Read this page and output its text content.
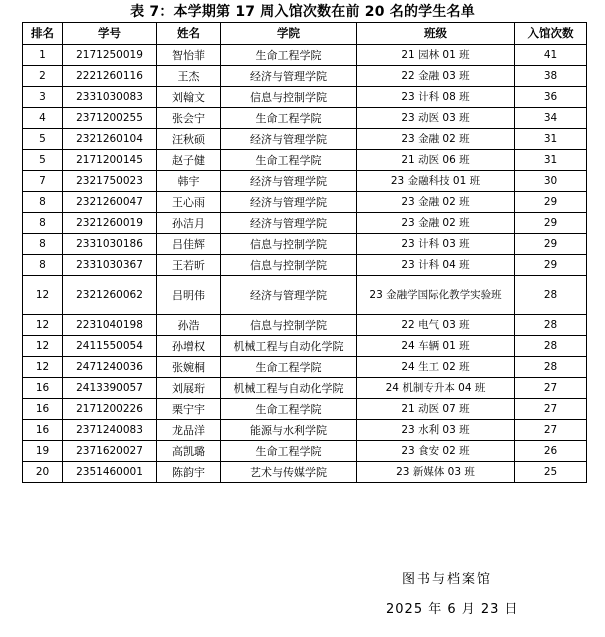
表 7：本学期第 17 周入馆次数在前 20 名的学生名单
排名	学号	姓名	学院	班级	入馆次数
1	2171250019	智怡菲	生命工程学院	21 园林 01 班	41
2	2221260116	王杰	经济与管理学院	22 金融 03 班	38
3	2331030083	刘翰文	信息与控制学院	23 计科 08 班	36
4	2371200255	张会宁	生命工程学院	23 动医 03 班	34
5	2321260104	汪秋硕	经济与管理学院	23 金融 02 班	31
5	2171200145	赵子健	生命工程学院	21 动医 06 班	31
7	2321750023	韩宇	经济与管理学院	23 金融科技 01 班	30
8	2321260047	王心雨	经济与管理学院	23 金融 02 班	29
8	2321260019	孙洁月	经济与管理学院	23 金融 02 班	29
8	2331030186	吕佳辉	信息与控制学院	23 计科 03 班	29
8	2331030367	王若昕	信息与控制学院	23 计科 04 班	29
12	2321260062	吕明伟	经济与管理学院	23 金融学国际化教学实验班	28
12	2231040198	孙浩	信息与控制学院	22 电气 03 班	28
12	2411550054	孙增权	机械工程与自动化学院	24 车辆 01 班	28
12	2471240036	张婉桐	生命工程学院	24 生工 02 班	28
16	2413390057	刘展珩	机械工程与自动化学院	24 机制专升本 04 班	27
16	2171200226	栗宁宇	生命工程学院	21 动医 07 班	27
16	2371240083	龙品洋	能源与水利学院	23 水利 03 班	27
19	2371620027	高凯璐	生命工程学院	23 食安 02 班	26
20	2351460001	陈韵宇	艺术与传媒学院	23 新媒体 03 班	25
图书与档案馆
2025 年 6 月 23 日
